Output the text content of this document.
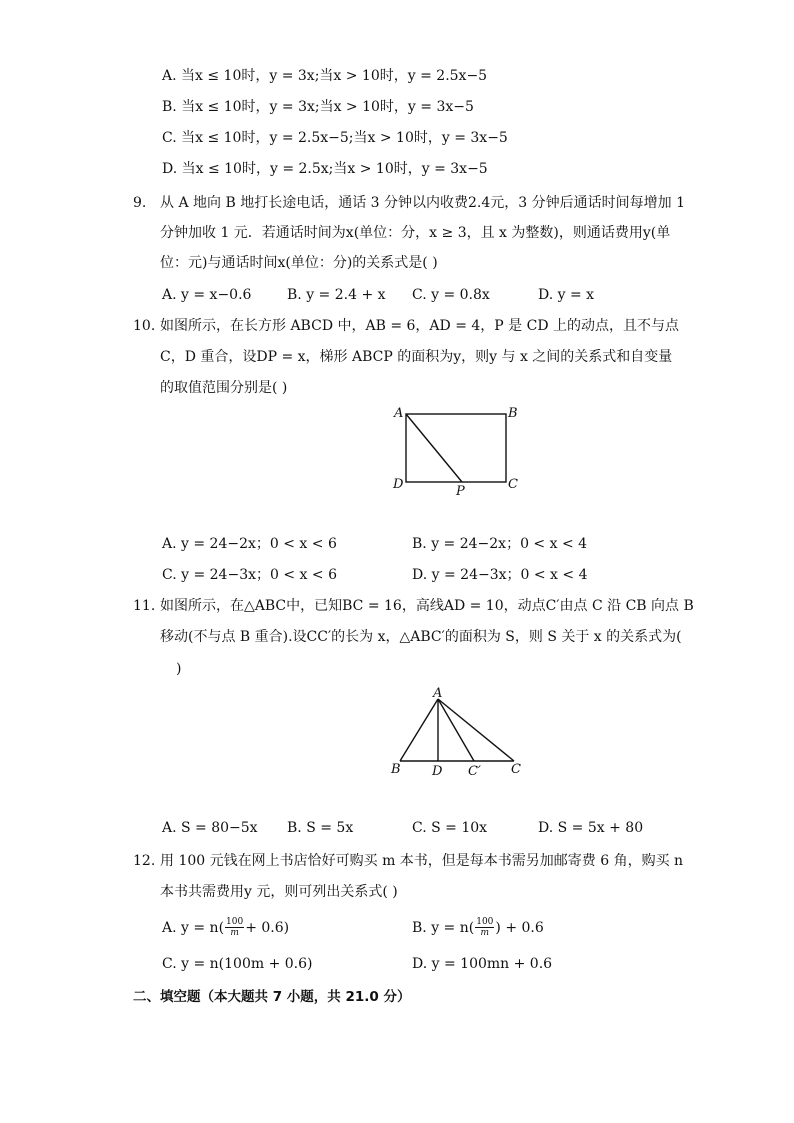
A. 当x ≤ 10时，y = 3x;当x > 10时，y = 2.5x−5
B. 当x ≤ 10时，y = 3x;当x > 10时，y = 3x−5
C. 当x ≤ 10时，y = 2.5x−5;当x > 10时，y = 3x−5
D. 当x ≤ 10时，y = 2.5x;当x > 10时，y = 3x−5
9. 从 A 地向 B 地打长途电话，通话 3 分钟以内收费2.4元，3 分钟后通话时间每增加 1
分钟加收 1 元．若通话时间为x(单位：分，x ≥ 3，且 x 为整数)，则通话费用y(单
位：元)与通话时间x(单位：分)的关系式是( )
A. y = x−0.6	B. y = 2.4 + x C. y = 0.8x	D. y = x
10. 如图所示，在长方形 ABCD 中，AB = 6，AD = 4，P 是 CD 上的动点，且不与点
C，D 重合，设DP = x，梯形 ABCP 的面积为y，则y 与 x 之间的关系式和自变量
的取值范围分别是( )
A	B
D	P	C
A. y = 24−2x；0 < x < 6	B. y = 24−2x；0 < x < 4
C. y = 24−3x；0 < x < 6	D. y = 24−3x；0 < x < 4
11. 如图所示，在△ABC中，已知BC = 16，高线AD = 10，动点C′由点 C 沿 CB 向点 B
移动(不与点 B 重合).设CC′的长为 x，△ABC′的面积为 S，则 S 关于 x 的关系式为(
)
A
B D C′ C
A. S = 80−5x B. S = 5x	C. S = 10x	D. S = 5x + 80
12. 用 100 元钱在网上书店恰好可购买 m 本书，但是每本书需另加邮寄费 6 角，购买 n
本书共需费用y 元，则可列出关系式( )
A. $y = n( \frac{100}{m} + 0.6)$	B. $y = n( \frac{100}{m}$ ) + 0.6
C. y = n(100m + 0.6)	D. y = 100mn + 0.6
二、填空题（本大题共 7 小题，共 21.0 分）
